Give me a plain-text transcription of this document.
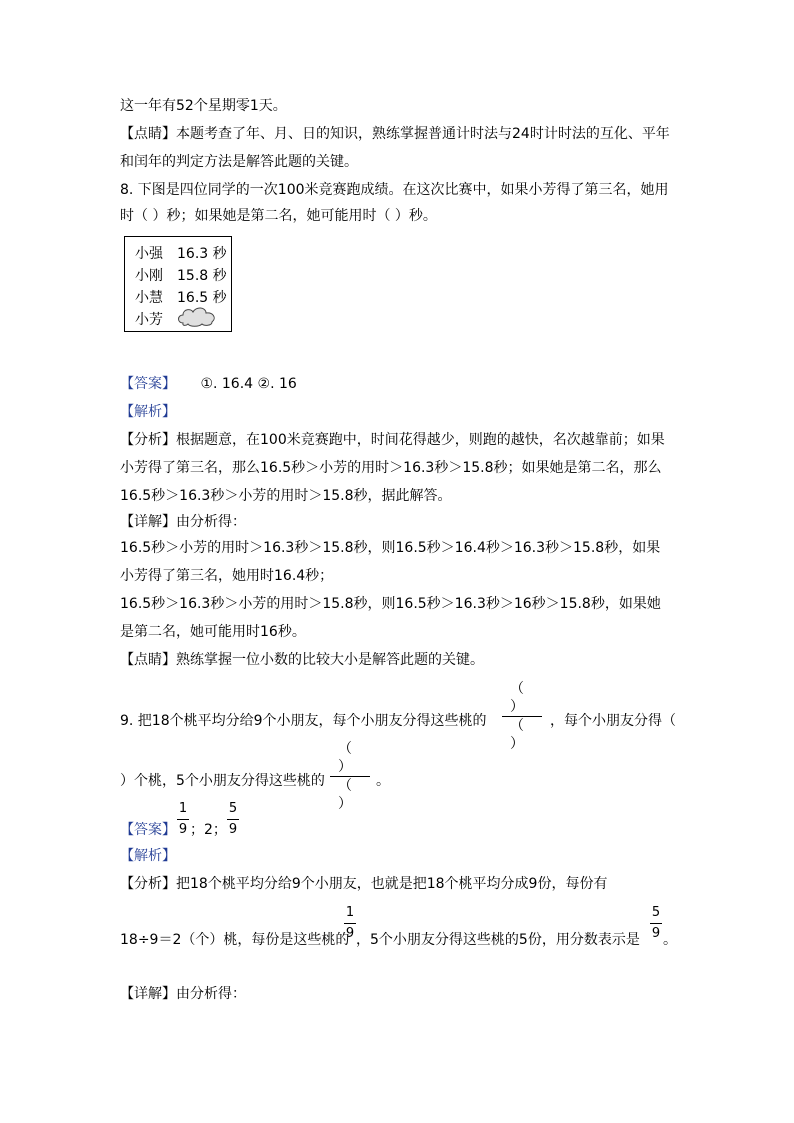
这一年有52个星期零1天。
【点睛】本题考查了年、月、日的知识，熟练掌握普通计时法与24时计时法的互化、平年
和闰年的判定方法是解答此题的关键。
8. 下图是四位同学的一次100米竞赛跑成绩。在这次比赛中，如果小芳得了第三名，她用
时（ ）秒；如果她是第二名，她可能用时（ ）秒。
小强 16.3 秒
小刚 15.8 秒
小慧 16.5 秒
小芳
【答案】 ①. 16.4 ②. 16
【解析】
【分析】根据题意，在100米竞赛跑中，时间花得越少，则跑的越快，名次越靠前；如果
小芳得了第三名，那么16.5秒＞小芳的用时＞16.3秒＞15.8秒；如果她是第二名，那么
16.5秒＞16.3秒＞小芳的用时＞15.8秒，据此解答。
【详解】由分析得：
16.5秒＞小芳的用时＞16.3秒＞15.8秒，则16.5秒＞16.4秒＞16.3秒＞15.8秒，如果
小芳得了第三名，她用时16.4秒；
16.5秒＞16.3秒＞小芳的用时＞15.8秒，则16.5秒＞16.3秒＞16秒＞15.8秒，如果她
是第二名，她可能用时16秒。
【点睛】熟练掌握一位小数的比较大小是解答此题的关键。
（ ）
（ ）
9. 把18个桃平均分给9个小朋友，每个小朋友分得这些桃的	，每个小朋友分得（
（ ）
（ ）
）个桃，5个小朋友分得这些桃的	。
【答案】
1
9 ；2；
5
9
【解析】
【分析】把18个桃平均分给9个小朋友，也就是把18个桃平均分成9份，每份有
18÷9＝2（个）桃，每份是这些桃的
1
9 ，5个小朋友分得这些桃的5份，用分数表示是
5
9 。
【详解】由分析得：
